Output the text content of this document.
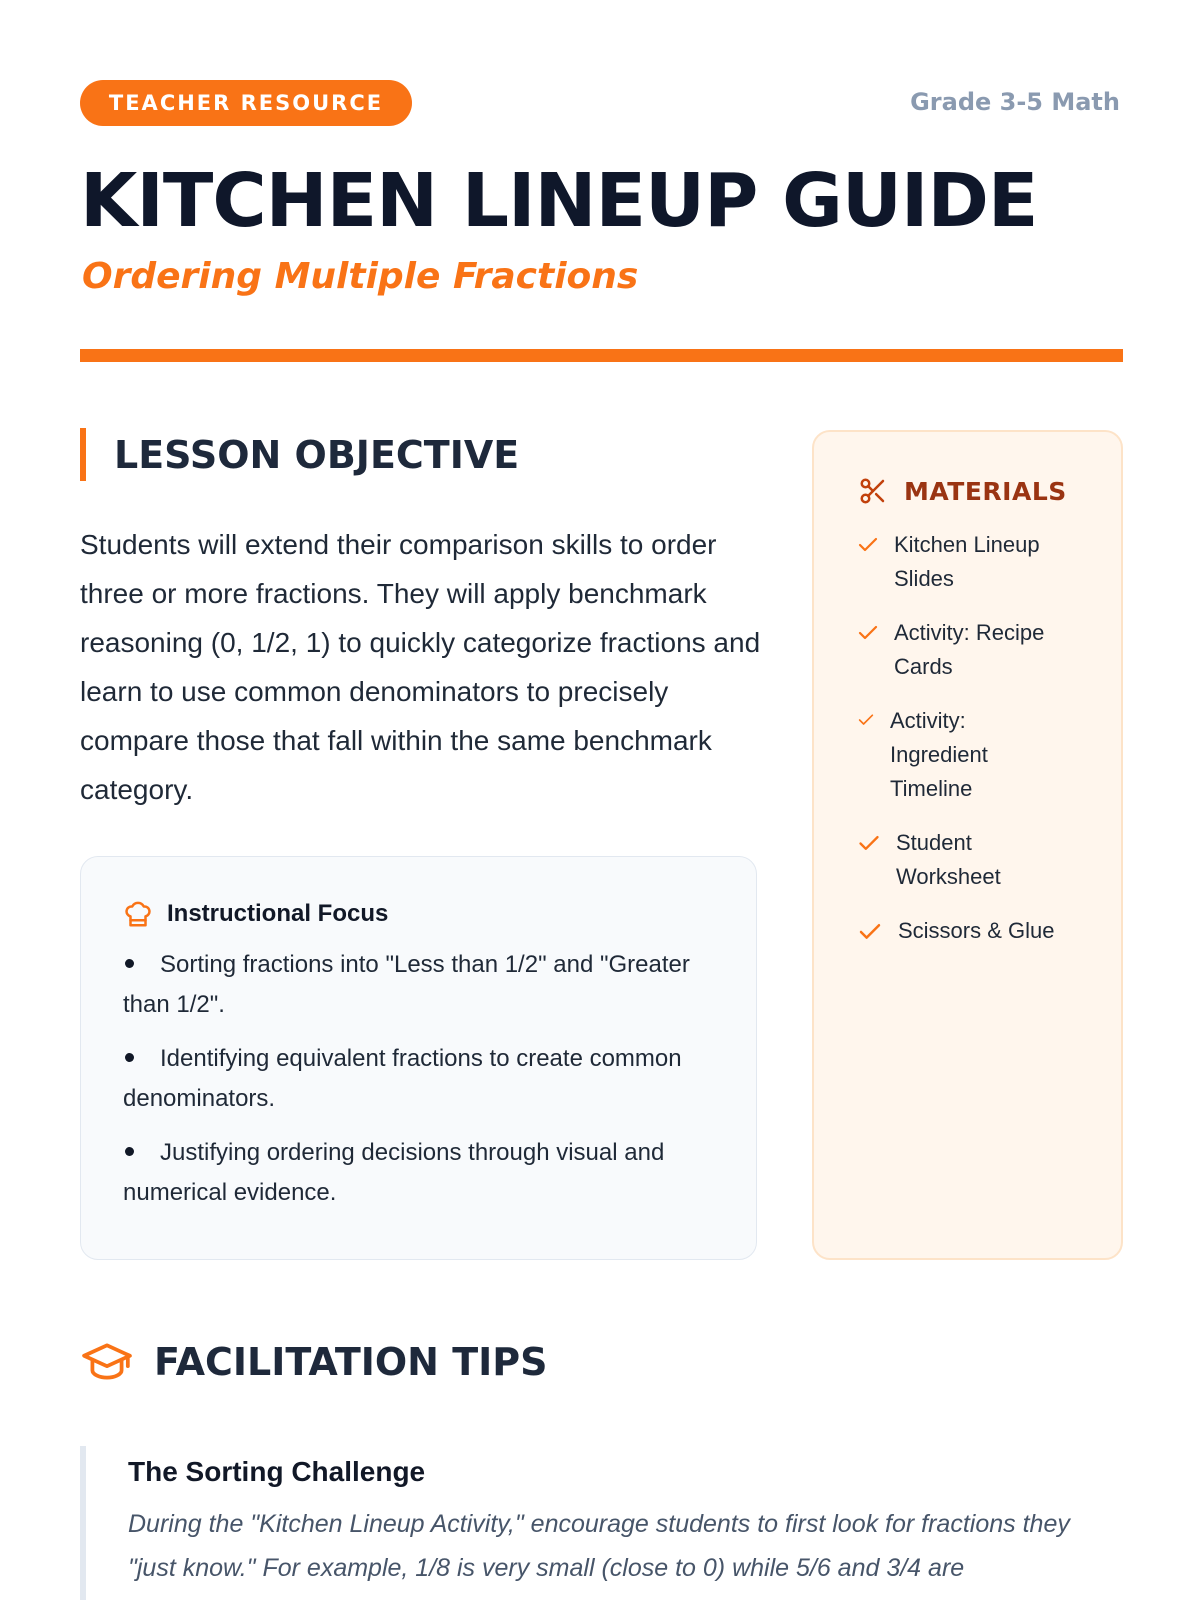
TEACHER RESOURCE	Grade 3-5 Math
KITCHEN LINEUP GUIDE
Ordering Multiple Fractions
LESSON OBJECTIVE

Students will extend their comparison skills to order three or more fractions. They will apply benchmark reasoning (0, 1/2, 1) to quickly categorize fractions and learn to use common denominators to precisely compare those that fall within the same benchmark category.

Instructional Focus
Sorting fractions into "Less than 1/2" and "Greater than 1/2".
Identifying equivalent fractions to create common denominators.
Justifying ordering decisions through visual and numerical evidence.
MATERIALS
Kitchen Lineup Slides
Activity: Recipe Cards
Activity: Ingredient Timeline
Student Worksheet
Scissors & Glue
FACILITATION TIPS
The Sorting Challenge

During the "Kitchen Lineup Activity," encourage students to first look for fractions they "just know." For example, 1/8 is very small (close to 0) while 5/6 and 3/4 are
